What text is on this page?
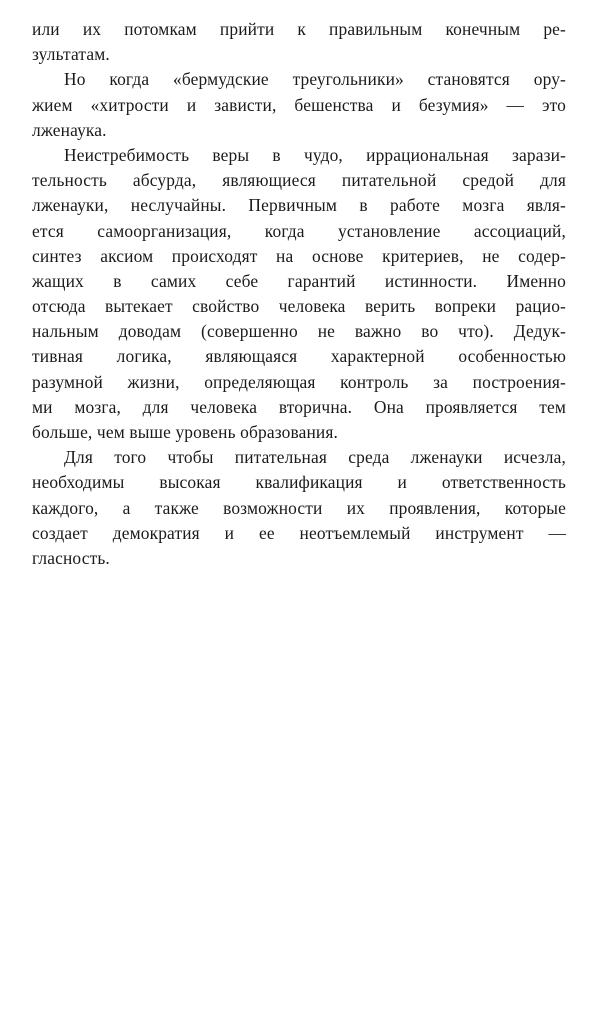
или их потомкам прийти к правильным конечным ре-
зультатам.
Но когда «бермудские треугольники» становятся ору-
жием «хитрости и зависти, бешенства и безумия» — это
лженаука.
Неистребимость веры в чудо, иррациональная зарази-
тельность абсурда, являющиеся питательной средой для
лженауки, неслучайны. Первичным в работе мозга явля-
ется самоорганизация, когда установление ассоциаций,
синтез аксиом происходят на основе критериев, не содер-
жащих в самих себе гарантий истинности. Именно
отсюда вытекает свойство человека верить вопреки рацио-
нальным доводам (совершенно не важно во что). Дедук-
тивная логика, являющаяся характерной особенностью
разумной жизни, определяющая контроль за построения-
ми мозга, для человека вторична. Она проявляется тем
больше, чем выше уровень образования.
Для того чтобы питательная среда лженауки исчезла,
необходимы высокая квалификация и ответственность
каждого, а также возможности их проявления, которые
создает демократия и ее неотъемлемый инструмент —
гласность.
